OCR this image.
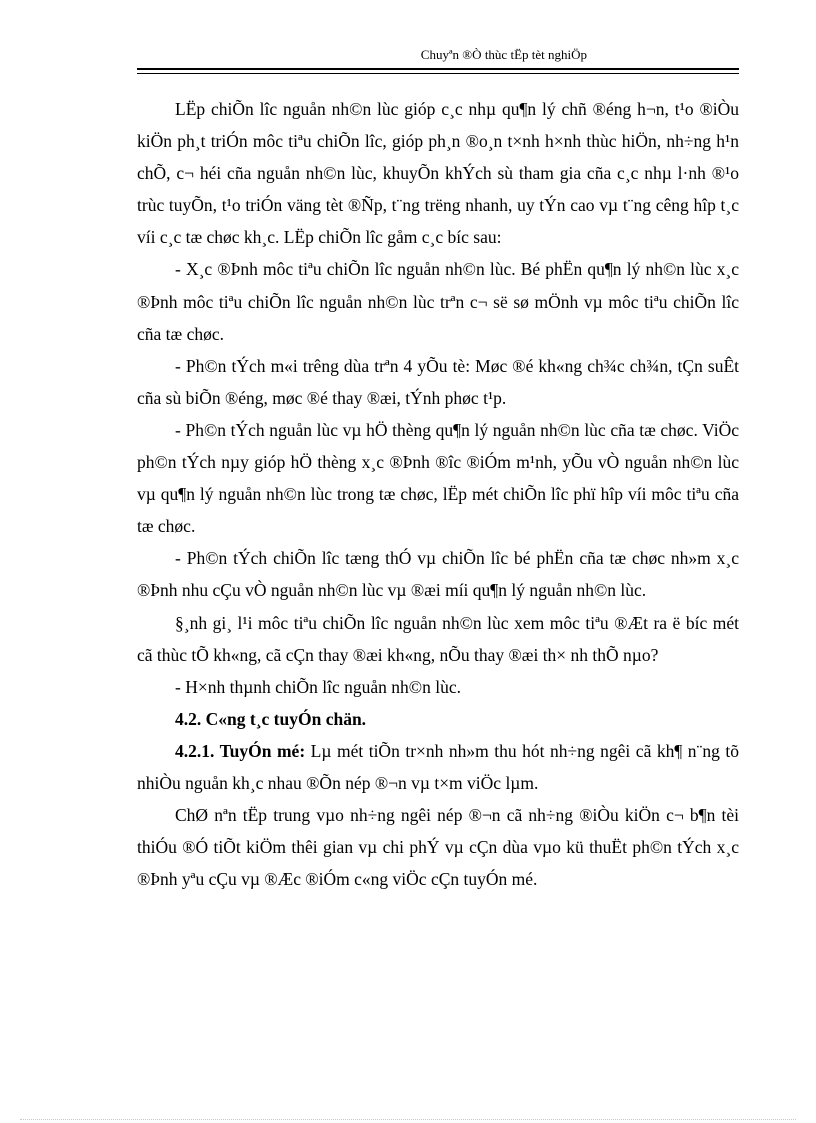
Chuyªn ®Ò thùc tËp tèt nghiÖp

LËp chiÕn lîc nguån nh©n lùc gióp c¸c nhµ qu¶n lý chñ ®éng h¬n, t¹o ®iÒu kiÖn ph¸t triÓn môc tiªu chiÕn lîc, gióp ph¸n ®o¸n t×nh h×nh thùc hiÖn, nh÷ng h¹n chÕ, c¬ héi cña nguån nh©n lùc, khuyÕn khÝch sù tham gia cña c¸c nhµ l·nh ®¹o trùc tuyÕn, t¹o triÓn väng tèt ®Ñp, t¨ng trëng nhanh, uy tÝn cao vµ t¨ng cêng hîp t¸c víi c¸c tæ chøc kh¸c. LËp chiÕn lîc gåm c¸c bíc sau:

- X¸c ®Þnh môc tiªu chiÕn lîc nguån nh©n lùc. Bé phËn qu¶n lý nh©n lùc x¸c ®Þnh môc tiªu chiÕn lîc nguån nh©n lùc trªn c¬ së sø mÖnh vµ môc tiªu chiÕn lîc cña tæ chøc.

- Ph©n tÝch m«i trêng dùa trªn 4 yÕu tè: Møc ®é kh«ng ch¾c ch¾n, tÇn suÊt cña sù biÕn ®éng, møc ®é thay ®æi, tÝnh phøc t¹p.

- Ph©n tÝch nguån lùc vµ hÖ thèng qu¶n lý nguån nh©n lùc cña tæ chøc. ViÖc ph©n tÝch nµy gióp hÖ thèng x¸c ®Þnh ®îc ®iÓm m¹nh, yÕu vÒ nguån nh©n lùc vµ qu¶n lý nguån nh©n lùc trong tæ chøc, lËp mét chiÕn lîc phï hîp víi môc tiªu cña tæ chøc.

- Ph©n tÝch chiÕn lîc tæng thÓ vµ chiÕn lîc bé phËn cña tæ chøc nh»m x¸c ®Þnh nhu cÇu vÒ nguån nh©n lùc vµ ®æi míi qu¶n lý nguån nh©n lùc.

§¸nh gi¸ l¹i môc tiªu chiÕn lîc nguån nh©n lùc xem môc tiªu ®Æt ra ë bíc mét cã thùc tÕ kh«ng, cã cÇn thay ®æi kh«ng, nÕu thay ®æi th× nh thÕ nµo?

- H×nh thµnh chiÕn lîc nguån nh©n lùc.

4.2. C«ng t¸c tuyÓn chän.

4.2.1. TuyÓn mé: Lµ mét tiÕn tr×nh nh»m thu hót nh÷ng ngêi cã kh¶ n¨ng tõ nhiÒu nguån kh¸c nhau ®Õn nép ®¬n vµ t×m viÖc lµm.

ChØ nªn tËp trung vµo nh÷ng ngêi nép ®¬n cã nh÷ng ®iÒu kiÖn c¬ b¶n tèi thiÓu ®Ó tiÕt kiÖm thêi gian vµ chi phÝ vµ cÇn dùa vµo kü thuËt ph©n tÝch x¸c ®Þnh yªu cÇu vµ ®Æc ®iÓm c«ng viÖc cÇn tuyÓn mé.
